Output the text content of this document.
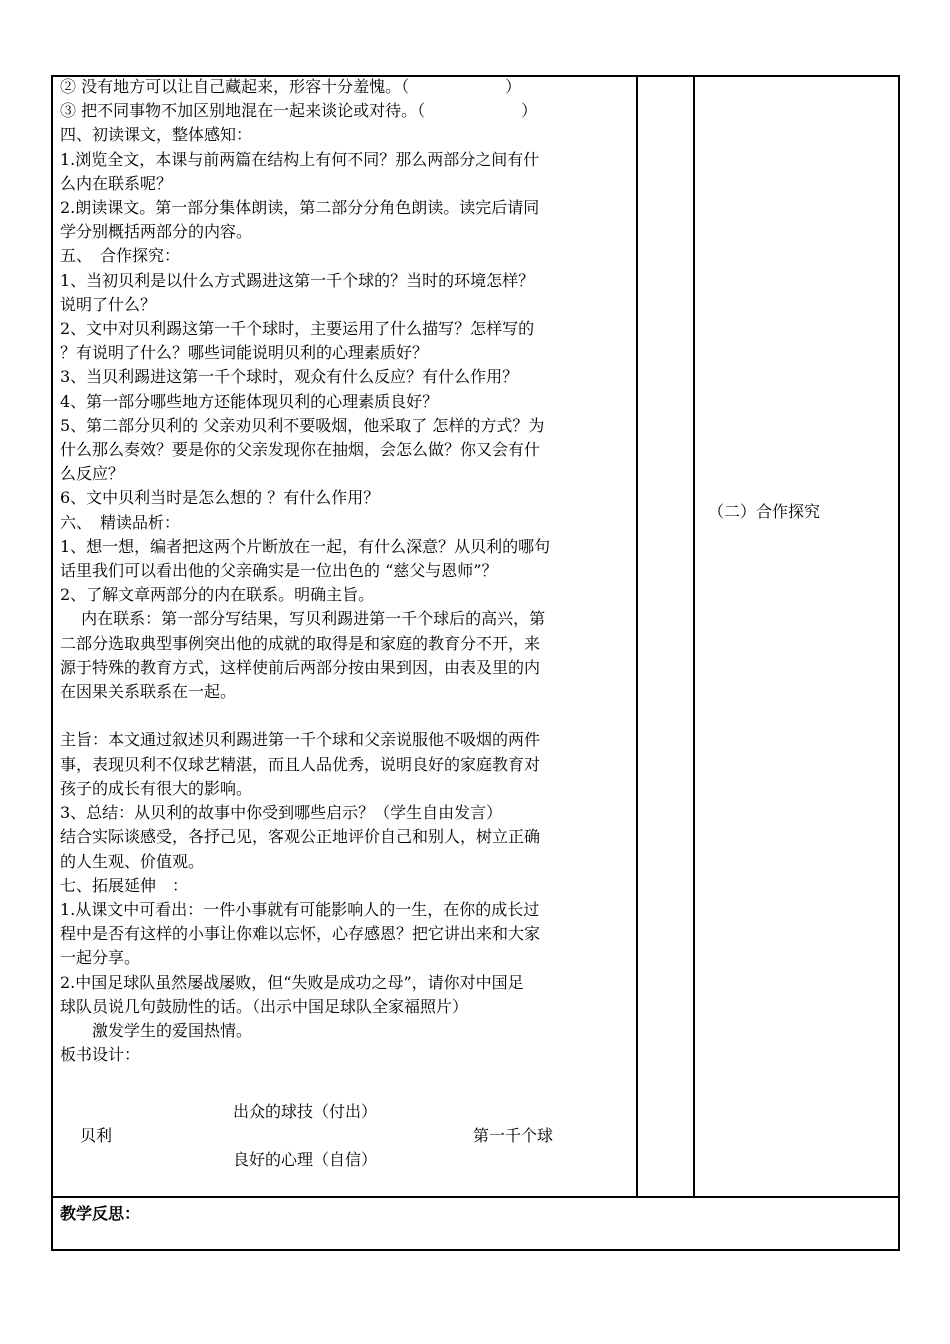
② 没有地方可以让自己藏起来，形容十分羞愧。（　　　　　　）

③ 把不同事物不加区别地混在一起来谈论或对待。（　　　　　　）

四、初读课文，整体感知：

1.浏览全文，本课与前两篇在结构上有何不同？那么两部分之间有什

么内在联系呢？

2.朗读课文。第一部分集体朗读，第二部分分角色朗读。读完后请同

学分别概括两部分的内容。

五、　合作探究：

1、当初贝利是以什么方式踢进这第一千个球的？当时的环境怎样？

说明了什么？

2、文中对贝利踢这第一千个球时，主要运用了什么描写？怎样写的

？有说明了什么？哪些词能说明贝利的心理素质好？

3、当贝利踢进这第一千个球时，观众有什么反应？有什么作用？

4、第一部分哪些地方还能体现贝利的心理素质良好？

5、第二部分贝利的 父亲劝贝利不要吸烟，他采取了 怎样的方式？为

什么那么奏效？要是你的父亲发现你在抽烟，会怎么做？你又会有什

么反应？

6、文中贝利当时是怎么想的 ？有什么作用？

六、　精读品析：

1、想一想，编者把这两个片断放在一起，有什么深意？从贝利的哪句

话里我们可以看出他的父亲确实是一位出色的 “慈父与恩师”？

2、了解文章两部分的内在联系。明确主旨。

　 内在联系：第一部分写结果，写贝利踢进第一千个球后的高兴，第

二部分选取典型事例突出他的成就的取得是和家庭的教育分不开，来

源于特殊的教育方式，这样使前后两部分按由果到因，由表及里的内

在因果关系联系在一起。

主旨：本文通过叙述贝利踢进第一千个球和父亲说服他不吸烟的两件

事，表现贝利不仅球艺精湛，而且人品优秀，说明良好的家庭教育对

孩子的成长有很大的影响。

3、总结：从贝利的故事中你受到哪些启示？（学生自由发言）

结合实际谈感受，各抒己见，客观公正地评价自己和别人，树立正确

的人生观、价值观。

七、拓展延伸　：

1.从课文中可看出：一件小事就有可能影响人的一生，在你的成长过

程中是否有这样的小事让你难以忘怀，心存感恩？把它讲出来和大家

一起分享。

2.中国足球队虽然屡战屡败，但“失败是成功之母”，请你对中国足

球队员说几句鼓励性的话。（出示中国足球队全家福照片）

　　激发学生的爱国热情。

板书设计：

出众的球技（付出）
贝利	第一千个球
良好的心理（自信）
（二）合作探究
教学反思：
